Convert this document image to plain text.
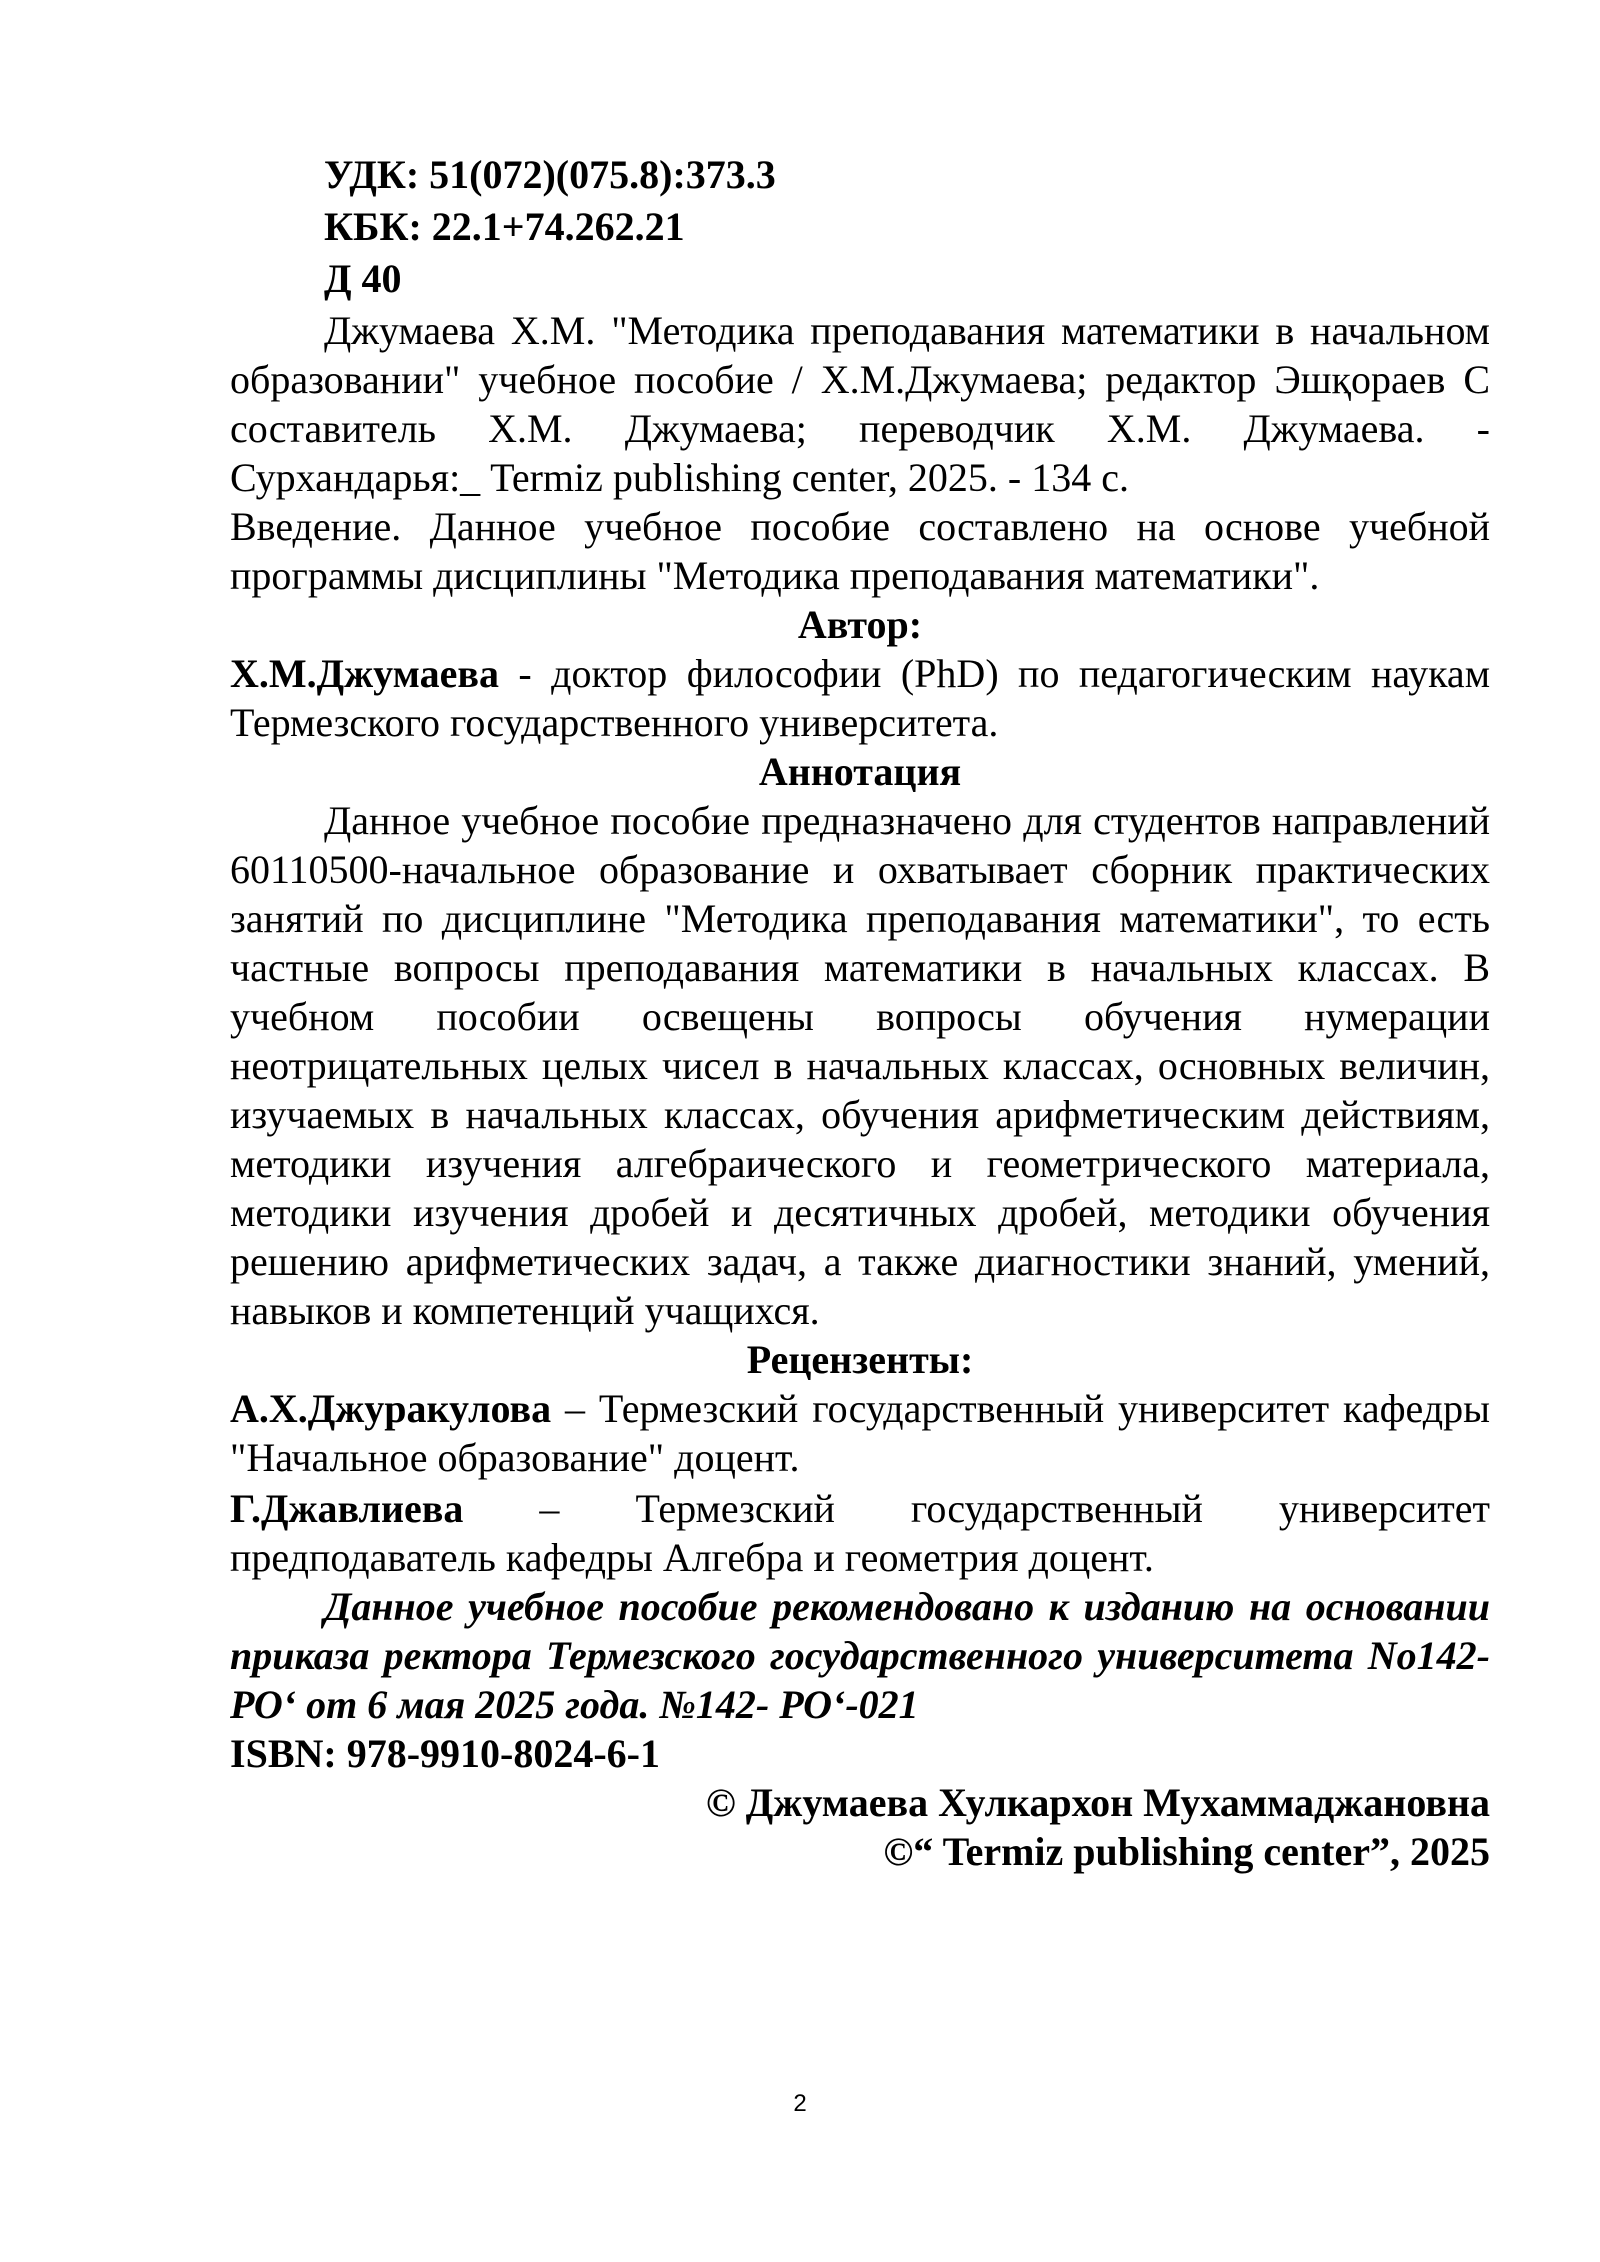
УДК: 51(072)(075.8):373.3
КБК: 22.1+74.262.21
Д 40

Джумаева Х.М. "Методика преподавания математики в начальном образовании" учебное пособие / Х.М.Джумаева; редактор Эшқораев С составитель Х.М. Джумаева; переводчик Х.М. Джумаева. - Сурхандарья:_ Termiz publishing center, 2025. - 134 с.

Введение. Данное учебное пособие составлено на основе учебной программы дисциплины "Методика преподавания математики".

Автор:

Х.М.Джумаева - доктор философии (PhD) по педагогическим наукам Термезского государственного университета.

Аннотация

Данное учебное пособие предназначено для студентов направлений 60110500-начальное образование и охватывает сборник практических занятий по дисциплине "Методика преподавания математики", то есть частные вопросы преподавания математики в начальных классах. В учебном пособии освещены вопросы обучения нумерации неотрицательных целых чисел в начальных классах, основных величин, изучаемых в начальных классах, обучения арифметическим действиям, методики изучения алгебраического и геометрического материала, методики изучения дробей и десятичных дробей, методики обучения решению арифметических задач, а также диагностики знаний, умений, навыков и компетенций учащихся.

Рецензенты:

А.Х.Джуракулова – Термезский государственный университет кафедры "Начальное образование" доцент.

Г.Джавлиева – Термезский государственный университет предподаватель кафедры Алгебра и геометрия доцент.

Данное учебное пособие рекомендовано к изданию на основании приказа ректора Термезского государственного университета No142-РО‘ от 6 мая 2025 года. №142- РО‘-021

ISBN: 978-9910-8024-6-1

© Джумаева Хулкархон Мухаммаджановна

©“ Termiz publishing center”, 2025

2
